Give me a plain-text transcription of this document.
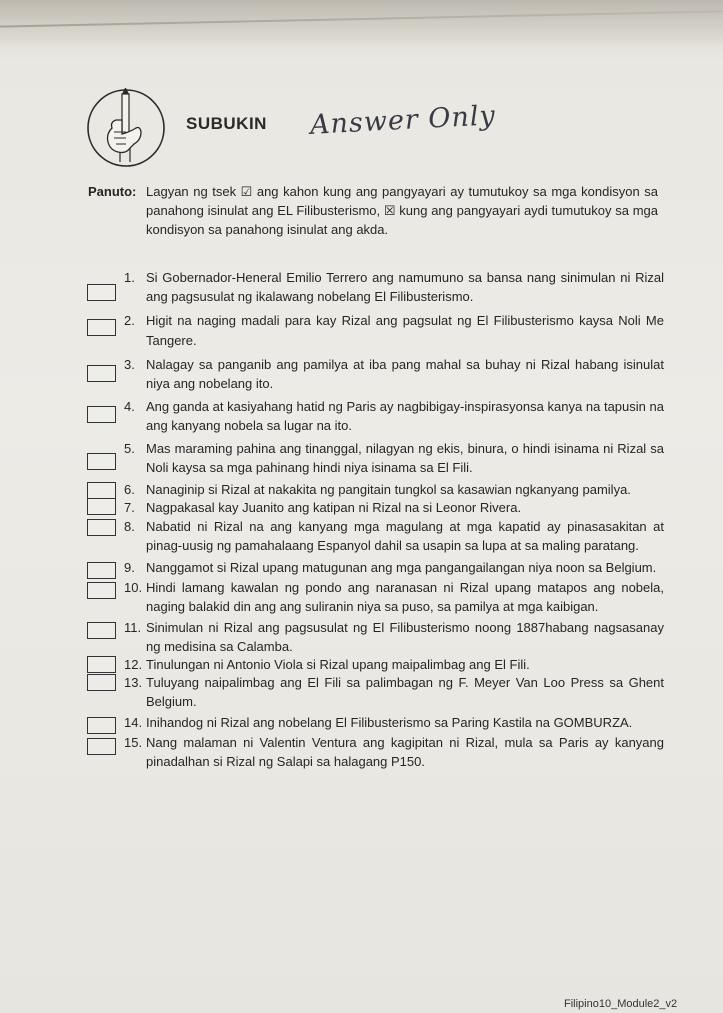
SUBUKIN Answer Only
Panuto: Lagyan ng tsek ☑ ang kahon kung ang pangyayari ay tumutukoy sa mga kondisyon sa panahong isinulat ang EL Filibusterismo, ☒ kung ang pangyayari aydi tumutukoy sa mga kondisyon sa panahong isinulat ang akda.
1. Si Gobernador-Heneral Emilio Terrero ang namumuno sa bansa nang sinimulan ni Rizal ang pagsusulat ng ikalawang nobelang El Filibusterismo.
2. Higit na naging madali para kay Rizal ang pagsulat ng El Filibusterismo kaysa Noli Me Tangere.
3. Nalagay sa panganib ang pamilya at iba pang mahal sa buhay ni Rizal habang isinulat niya ang nobelang ito.
4. Ang ganda at kasiyahang hatid ng Paris ay nagbibigay-inspirasyonsa kanya na tapusin na ang kanyang nobela sa lugar na ito.
5. Mas maraming pahina ang tinanggal, nilagyan ng ekis, binura, o hindi isinama ni Rizal sa Noli kaysa sa mga pahinang hindi niya isinama sa El Fili.
6. Nanaginip si Rizal at nakakita ng pangitain tungkol sa kasawian ngkanyang pamilya.
7. Nagpakasal kay Juanito ang katipan ni Rizal na si Leonor Rivera.
8. Nabatid ni Rizal na ang kanyang mga magulang at mga kapatid ay pinasasakitan at pinag-uusig ng pamahalaang Espanyol dahil sa usapin sa lupa at sa maling paratang.
9. Nanggamot si Rizal upang matugunan ang mga pangangailangan niya noon sa Belgium.
10. Hindi lamang kawalan ng pondo ang naranasan ni Rizal upang matapos ang nobela, naging balakid din ang ang suliranin niya sa puso, sa pamilya at mga kaibigan.
11. Sinimulan ni Rizal ang pagsusulat ng El Filibusterismo noong 1887habang nagsasanay ng medisina sa Calamba.
12. Tinulungan ni Antonio Viola si Rizal upang maipalimbag ang El Fili.
13. Tuluyang naipalimbag ang El Fili sa palimbagan ng F. Meyer Van Loo Press sa Ghent Belgium.
14. Inihandog ni Rizal ang nobelang El Filibusterismo sa Paring Kastila na GOMBURZA.
15. Nang malaman ni Valentin Ventura ang kagipitan ni Rizal, mula sa Paris ay kanyang pinadalhan si Rizal ng Salapi sa halagang P150.
Filipino10_Module2_v2
